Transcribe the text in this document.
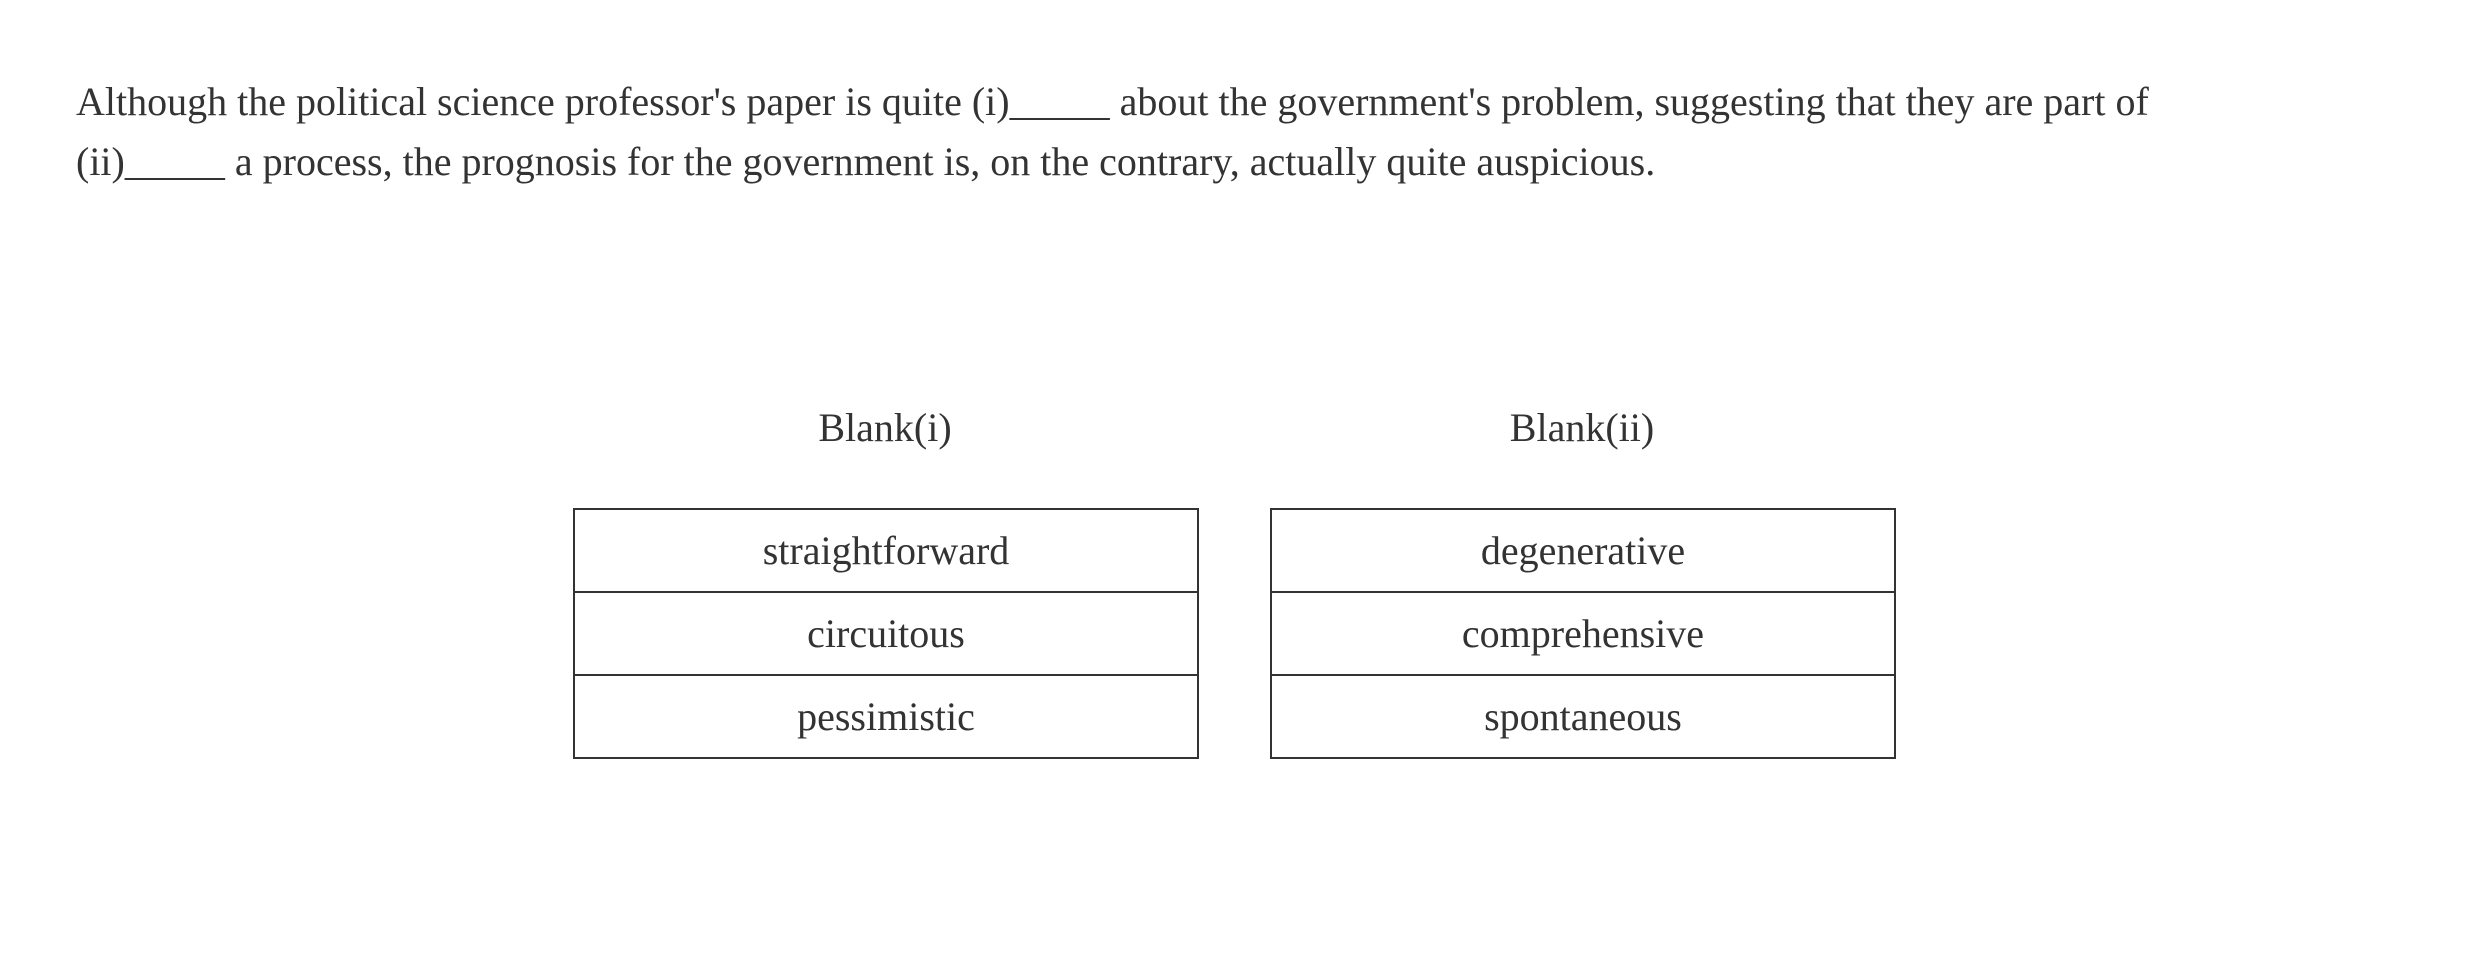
Although the political science professor's paper is quite (i)_____ about the government's problem, suggesting that they are part of
(ii)_____ a process, the prognosis for the government is, on the contrary, actually quite auspicious.

Blank(i)	Blank(ii)
straightforward
circuitous
pessimistic
degenerative
comprehensive
spontaneous
